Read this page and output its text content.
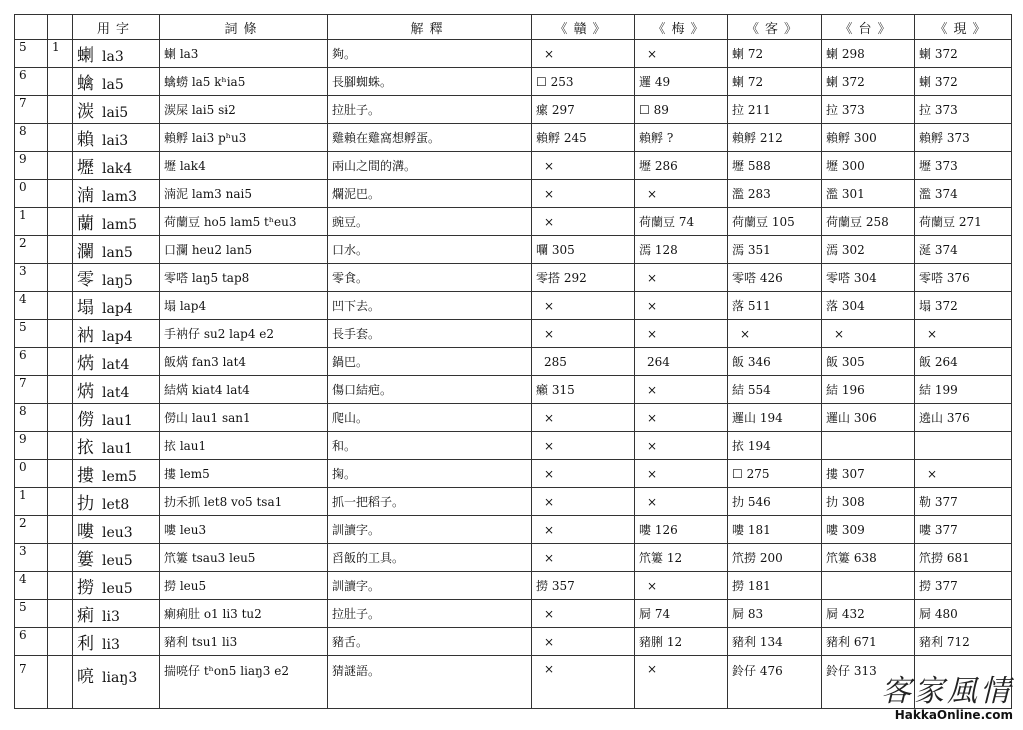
		用字	詞條	解釋	《贛》	《梅》	《客》	《台》	《現》
5	1	蝲 la3	蝲 la3	夠。	×	×	蝲 72	蝲 298	蝲 372
6		蠄 la5	蠄蟧 la5 kʰia5	長腳蜘蛛。	☐ 253	邏 49	蝲 72	蝲 372	蝲 372
7		湠 lai5	湠屎 lai5 sɨ2	拉肚子。	瘰 297	☐ 89	拉 211	拉 373	拉 373
8		賴 lai3	賴孵 lai3 pʰu3	雞賴在雞窩想孵蛋。	賴孵 245	賴孵 ?	賴孵 212	賴孵 300	賴孵 373
9		壢 lak4	壢 lak4	兩山之間的溝。	×	壢 286	壢 588	壢 300	壢 373
0		湳 lam3	湳泥 lam3 nai5	爛泥巴。	×	×	濫 283	濫 301	濫 374
1		蘭 lam5	荷蘭豆 ho5 lam5 tʰeu3	豌豆。	×	荷蘭豆 74	荷蘭豆 105	荷蘭豆 258	荷蘭豆 271
2		瀾 lan5	口瀾 heu2 lan5	口水。	㘓 305	漹 128	漹 351	漹 302	涎 374
3		零 laŋ5	零嗒 laŋ5 tap8	零食。	零搭 292	×	零嗒 426	零嗒 304	零嗒 376
4		塌 lap4	塌 lap4	凹下去。	×	×	落 511	落 304	塌 372
5		衲 lap4	手衲仔 su2 lap4 e2	長手套。	×	×	×	×	×
6		焫 lat4	飯焫 fan3 lat4	鍋巴。	285	264	飯 346	飯 305	飯 264
7		焫 lat4	結焫 kiat4 lat4	傷口結疤。	癩 315	×	結 554	結 196	結 199
8		僗 lau1	僗山 lau1 san1	爬山。	×	×	邏山 194	邏山 306	遶山 376
9		挔 lau1	挔 lau1	和。	×	×	挔 194		
0		摟 lem5	摟 lem5	掬。	×	×	☐ 275	摟 307	×
1		扐 let8	扐禾抓 let8 vo5 tsa1	抓一把稻子。	×	×	扐 546	扐 308	勒 377
2		嘍 leu3	嘍 leu3	訓讀字。	×	嘍 126	嘍 181	嘍 309	嘍 377
3		簍 leu5	笊簍 tsau3 leu5	舀飯的工具。	×	笊簍 12	笊撈 200	笊簍 638	笊撈 681
4		撈 leu5	撈 leu5	訓讀字。	撈 357	×	撈 181		撈 377
5		痢 li3	瘌痢肚 o1 li3 tu2	拉肚子。	×	屙 74	屙 83	屙 432	屙 480
6		利 li3	豬利 tsu1 li3	豬舌。	×	豬脷 12	豬利 134	豬利 671	豬利 712
7		喨 liaŋ3	揣喨仔 tʰon5 liaŋ3 e2	猜謎語。	×	×	鈴仔 476	鈴仔 313	
客家風情
HakkaOnline.com
